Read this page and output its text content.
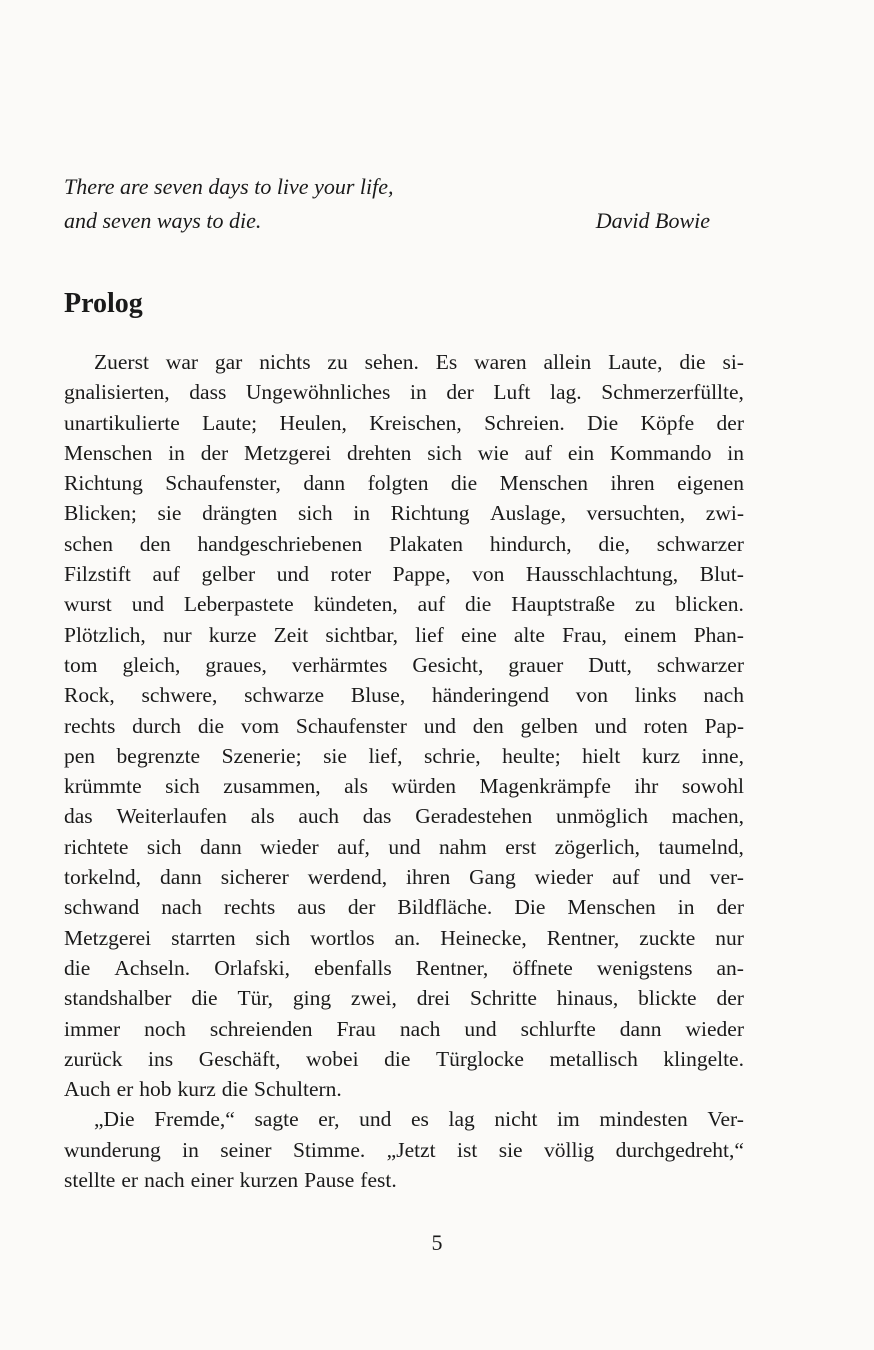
There are seven days to live your life,
and seven ways to die.	David Bowie
Prolog
Zuerst war gar nichts zu sehen. Es waren allein Laute, die si-
gnalisierten, dass Ungewöhnliches in der Luft lag. Schmerzerfüllte,
unartikulierte Laute; Heulen, Kreischen, Schreien. Die Köpfe der
Menschen in der Metzgerei drehten sich wie auf ein Kommando in
Richtung Schaufenster, dann folgten die Menschen ihren eigenen
Blicken; sie drängten sich in Richtung Auslage, versuchten, zwi-
schen den handgeschriebenen Plakaten hindurch, die, schwarzer
Filzstift auf gelber und roter Pappe, von Hausschlachtung, Blut-
wurst und Leberpastete kündeten, auf die Hauptstraße zu blicken.
Plötzlich, nur kurze Zeit sichtbar, lief eine alte Frau, einem Phan-
tom gleich, graues, verhärmtes Gesicht, grauer Dutt, schwarzer
Rock, schwere, schwarze Bluse, händeringend von links nach
rechts durch die vom Schaufenster und den gelben und roten Pap-
pen begrenzte Szenerie; sie lief, schrie, heulte; hielt kurz inne,
krümmte sich zusammen, als würden Magenkrämpfe ihr sowohl
das Weiterlaufen als auch das Geradestehen unmöglich machen,
richtete sich dann wieder auf, und nahm erst zögerlich, taumelnd,
torkelnd, dann sicherer werdend, ihren Gang wieder auf und ver-
schwand nach rechts aus der Bildfläche. Die Menschen in der
Metzgerei starrten sich wortlos an. Heinecke, Rentner, zuckte nur
die Achseln. Orlafski, ebenfalls Rentner, öffnete wenigstens an-
standshalber die Tür, ging zwei, drei Schritte hinaus, blickte der
immer noch schreienden Frau nach und schlurfte dann wieder
zurück ins Geschäft, wobei die Türglocke metallisch klingelte.
Auch er hob kurz die Schultern.
„Die Fremde,“ sagte er, und es lag nicht im mindesten Ver-
wunderung in seiner Stimme. „Jetzt ist sie völlig durchgedreht,“
stellte er nach einer kurzen Pause fest.
5
